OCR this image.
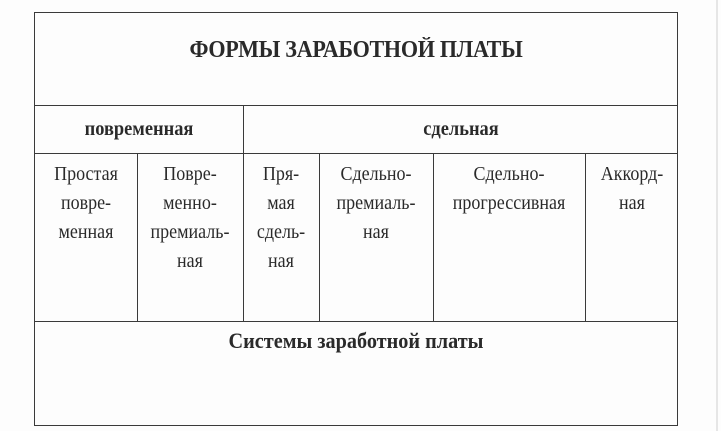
ФОРМЫ ЗАРАБОТНОЙ ПЛАТЫ
повременная	сдельная
Простая
повре-
менная
Повре-
менно-
премиаль-
ная
Пря-
мая
сдель-
ная
Сдельно-
премиаль-
ная
Сдельно-
прогрессивная
Аккорд-
ная
Системы заработной платы
